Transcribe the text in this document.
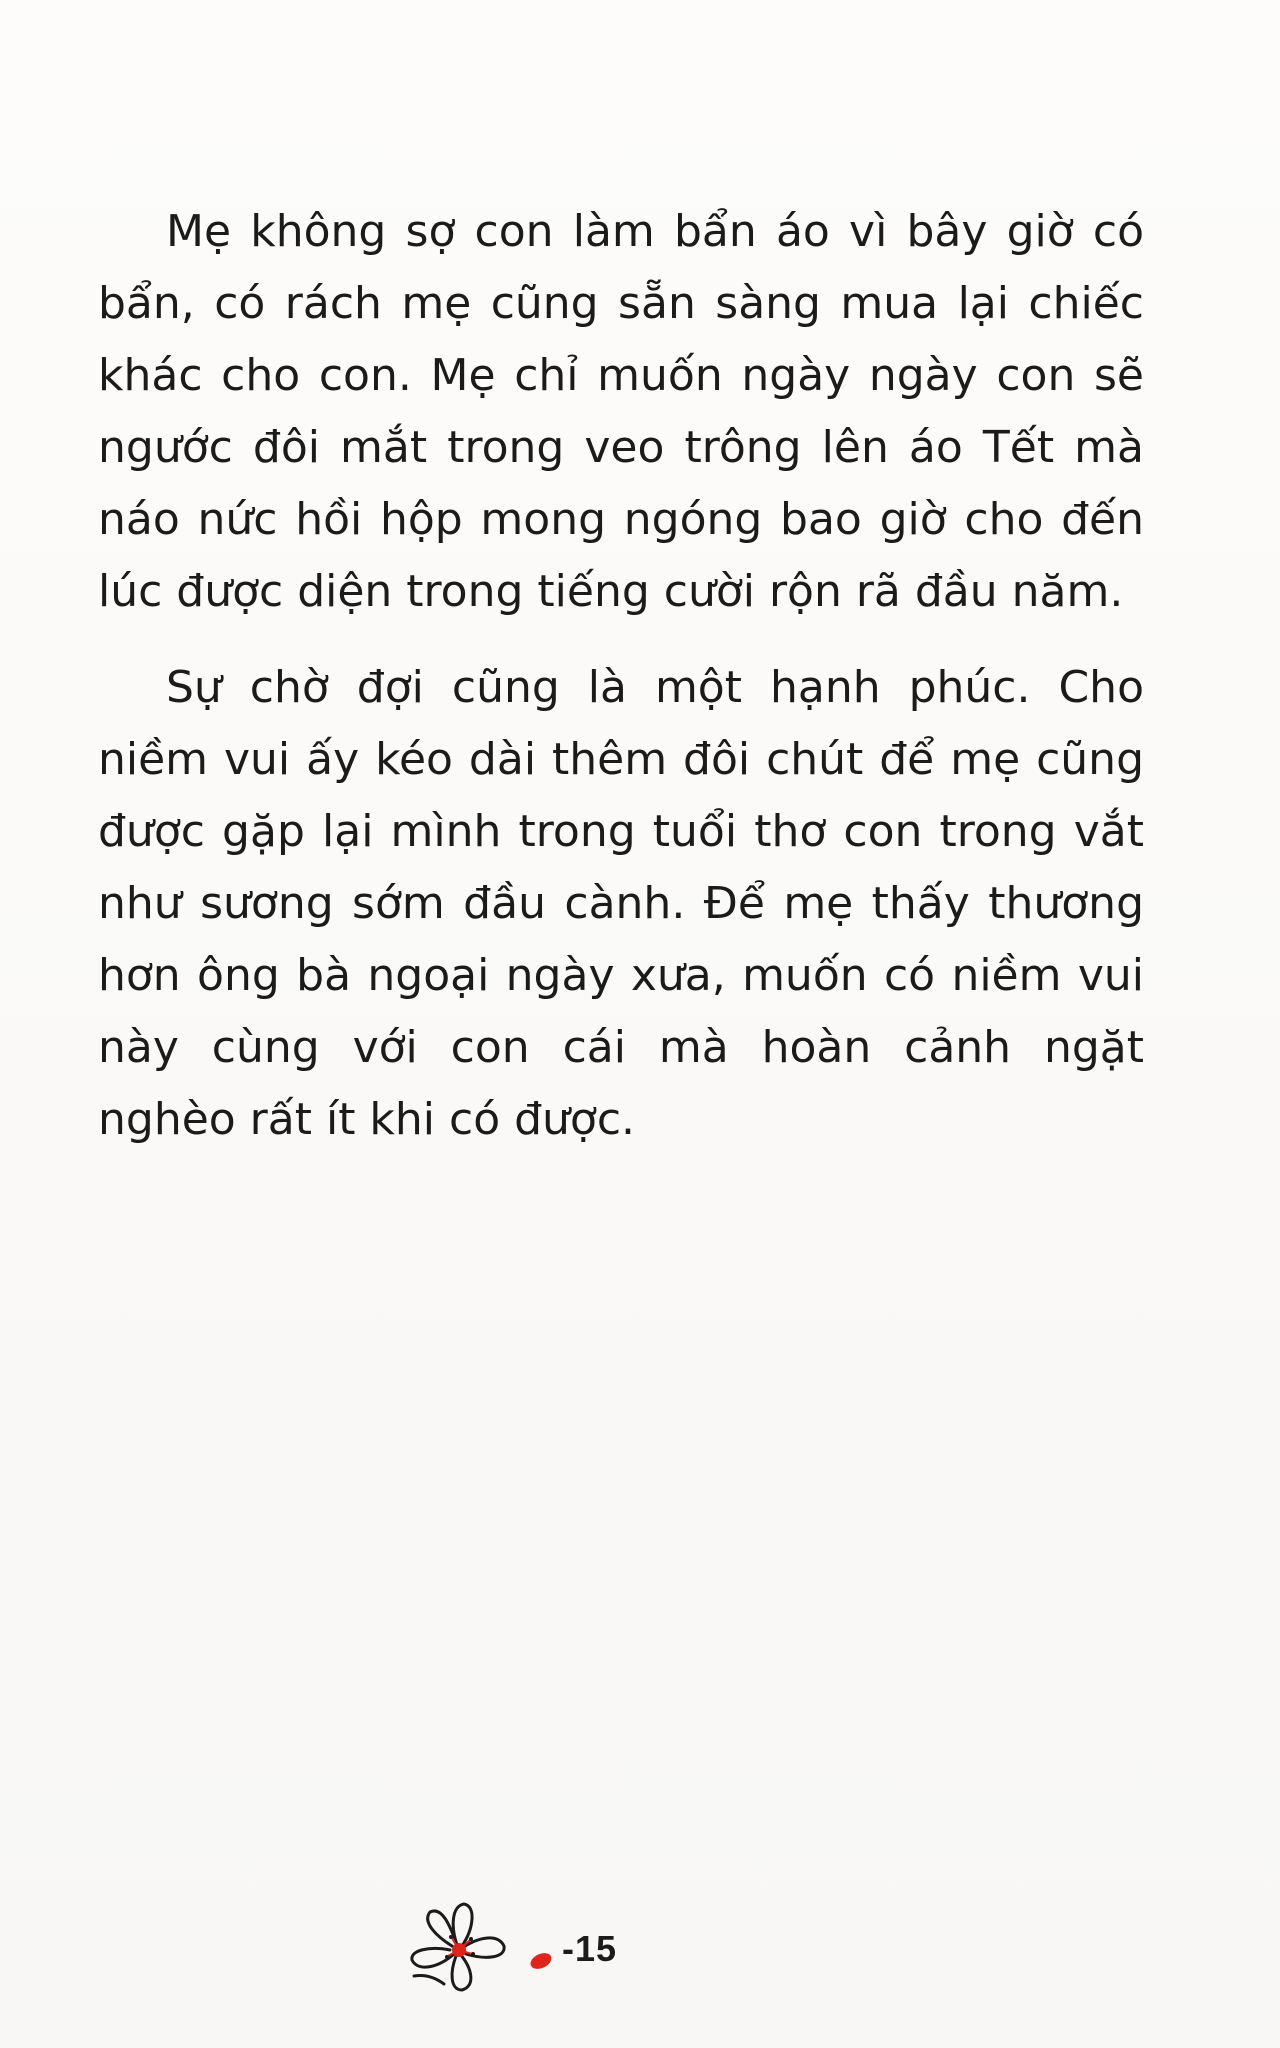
Mẹ không sợ con làm bẩn áo vì bây giờ có bẩn, có rách mẹ cũng sẵn sàng mua lại chiếc khác cho con. Mẹ chỉ muốn ngày ngày con sẽ ngước đôi mắt trong veo trông lên áo Tết mà náo nức hồi hộp mong ngóng bao giờ cho đến lúc được diện trong tiếng cười rộn rã đầu năm.

Sự chờ đợi cũng là một hạnh phúc. Cho niềm vui ấy kéo dài thêm đôi chút để mẹ cũng được gặp lại mình trong tuổi thơ con trong vắt như sương sớm đầu cành. Để mẹ thấy thương hơn ông bà ngoại ngày xưa, muốn có niềm vui này cùng với con cái mà hoàn cảnh ngặt nghèo rất ít khi có được.

-15
